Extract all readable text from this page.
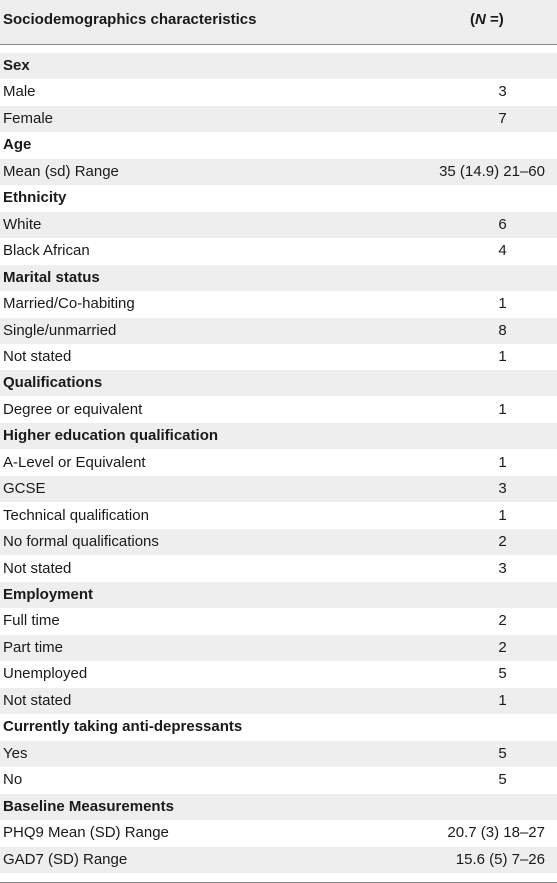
Sociodemographics characteristics	(N =)
Sex
Male	3
Female	7
Age
Mean (sd) Range	35 (14.9) 21–60
Ethnicity
White	6
Black African	4
Marital status
Married/Co-habiting	1
Single/unmarried	8
Not stated	1
Qualifications
Degree or equivalent	1
Higher education qualification
A-Level or Equivalent	1
GCSE	3
Technical qualification	1
No formal qualifications	2
Not stated	3
Employment
Full time	2
Part time	2
Unemployed	5
Not stated	1
Currently taking anti-depressants
Yes	5
No	5
Baseline Measurements
PHQ9 Mean (SD) Range	20.7 (3) 18–27
GAD7 (SD) Range	15.6 (5) 7–26
